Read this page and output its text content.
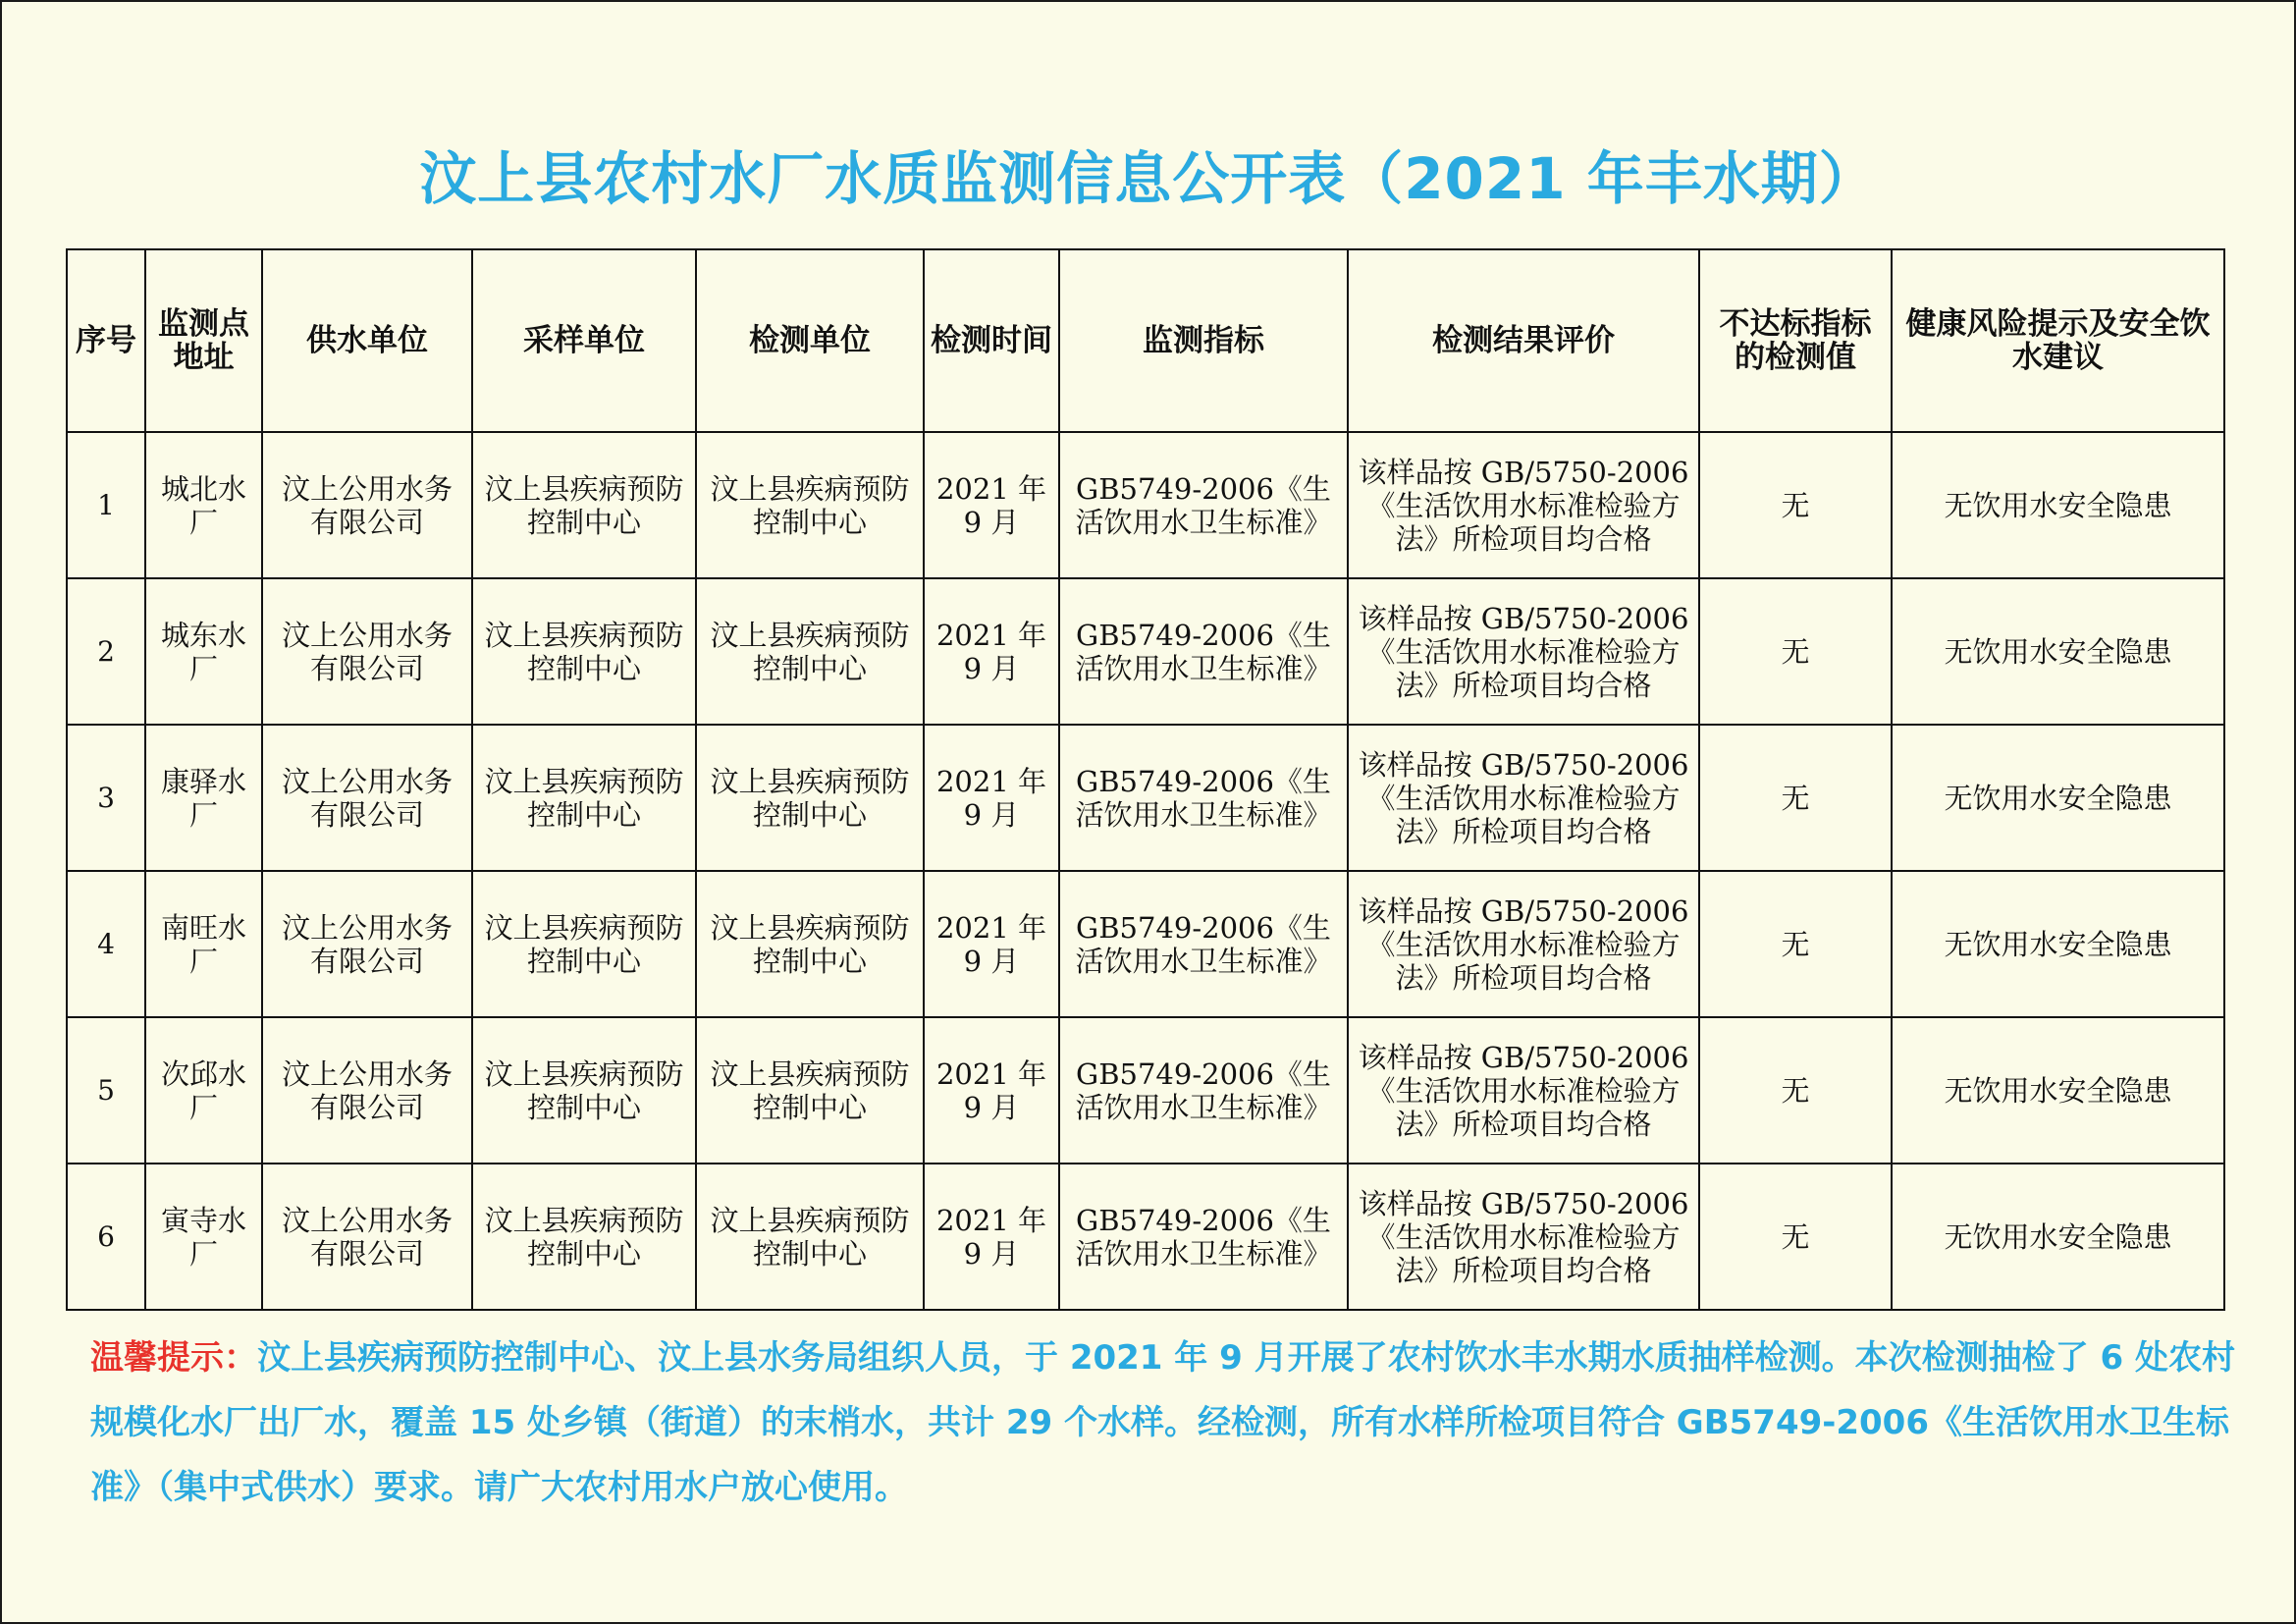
汶上县农村水厂水质监测信息公开表（2021 年丰水期）
序号	监测点地址	供水单位	采样单位	检测单位	检测时间	监测指标	检测结果评价	不达标指标的检测值	健康风险提示及安全饮水建议
1	城北水厂	汶上公用水务有限公司	汶上县疾病预防控制中心	汶上县疾病预防控制中心	2021 年 9 月	GB5749-2006《生活饮用水卫生标准》	该样品按 GB/5750-2006《生活饮用水标准检验方法》所检项目均合格	无	无饮用水安全隐患
2	城东水厂	汶上公用水务有限公司	汶上县疾病预防控制中心	汶上县疾病预防控制中心	2021 年 9 月	GB5749-2006《生活饮用水卫生标准》	该样品按 GB/5750-2006《生活饮用水标准检验方法》所检项目均合格	无	无饮用水安全隐患
3	康驿水厂	汶上公用水务有限公司	汶上县疾病预防控制中心	汶上县疾病预防控制中心	2021 年 9 月	GB5749-2006《生活饮用水卫生标准》	该样品按 GB/5750-2006《生活饮用水标准检验方法》所检项目均合格	无	无饮用水安全隐患
4	南旺水厂	汶上公用水务有限公司	汶上县疾病预防控制中心	汶上县疾病预防控制中心	2021 年 9 月	GB5749-2006《生活饮用水卫生标准》	该样品按 GB/5750-2006《生活饮用水标准检验方法》所检项目均合格	无	无饮用水安全隐患
5	次邱水厂	汶上公用水务有限公司	汶上县疾病预防控制中心	汶上县疾病预防控制中心	2021 年 9 月	GB5749-2006《生活饮用水卫生标准》	该样品按 GB/5750-2006《生活饮用水标准检验方法》所检项目均合格	无	无饮用水安全隐患
6	寅寺水厂	汶上公用水务有限公司	汶上县疾病预防控制中心	汶上县疾病预防控制中心	2021 年 9 月	GB5749-2006《生活饮用水卫生标准》	该样品按 GB/5750-2006《生活饮用水标准检验方法》所检项目均合格	无	无饮用水安全隐患
温馨提示：汶上县疾病预防控制中心、汶上县水务局组织人员，于 2021 年 9 月开展了农村饮水丰水期水质抽样检测。本次检测抽检了 6 处农村规模化水厂出厂水，覆盖 15 处乡镇（街道）的末梢水，共计 29 个水样。经检测，所有水样所检项目符合 GB5749-2006《生活饮用水卫生标准》（集中式供水）要求。请广大农村用水户放心使用。
